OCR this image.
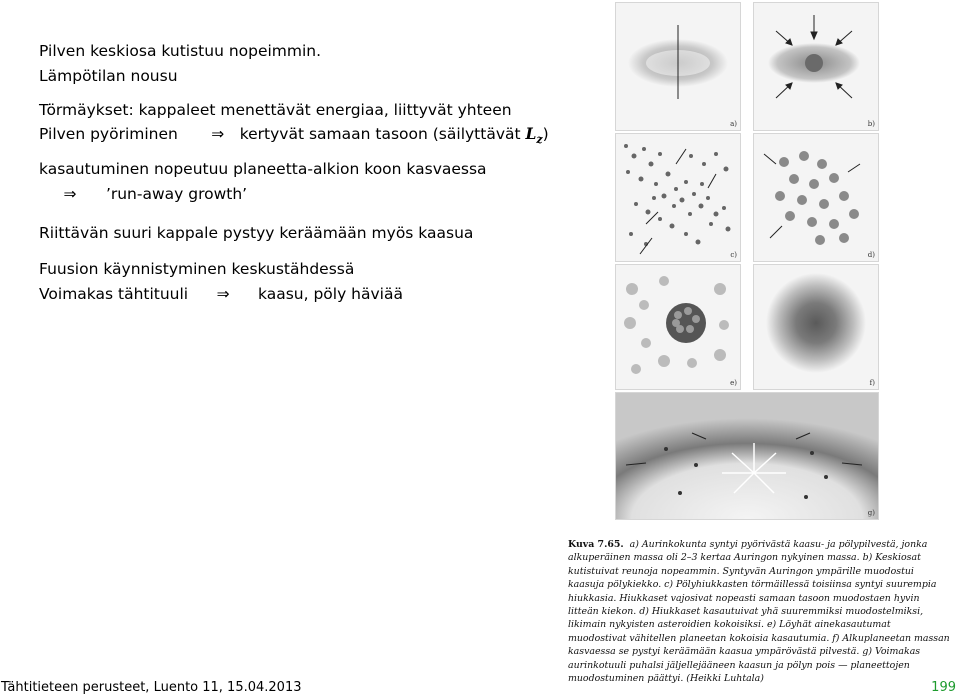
Pilven keskiosa kutistuu nopeimmin.
Lämpötilan nousu
Törmäykset: kappaleet menettävät energiaa, liittyvät yhteen
Pilven pyöriminen ⇒ kertyvät samaan tasoon (säilyttävät $L_z$)
kasautuminen nopeutuu planeetta-alkion koon kasvaessa
⇒ ’run-away growth’
Riittävän suuri kappale pystyy keräämään myös kaasua
Fuusion käynnistyminen keskustähdessä
Voimakas tähtituuli ⇒ kaasu, pöly häviää
a)	b)
c)	d)
e)	f)
g)
Kuva 7.65. a) Aurinkokunta syntyi pyörivästä kaasu- ja pölypilvestä, jonka alkuperäinen massa oli 2–3 kertaa Auringon nykyinen massa. b) Keskiosat kutistuivat reunoja nopeammin. Syntyvän Auringon ympärille muodostui kaasuja pölykiekko. c) Pölyhiukkasten törmäillessä toisiinsa syntyi suurempia hiukkasia. Hiukkaset vajosivat nopeasti samaan tasoon muodostaen hyvin litteän kiekon. d) Hiukkaset kasautuivat yhä suuremmiksi muodostelmiksi, likimain nykyisten asteroidien kokoisiksi. e) Löyhät ainekasautumat muodostivat vähitellen planeetan kokoisia kasautumia. f) Alkuplaneetan massan kasvaessa se pystyi keräämään kaasua ympärövästä pilvestä. g) Voimakas aurinkotuuli puhalsi jäljellejääneen kaasun ja pölyn pois — planeettojen muodostuminen päättyi. (Heikki Luhtala)
Tähtitieteen perusteet, Luento 11, 15.04.2013	199
